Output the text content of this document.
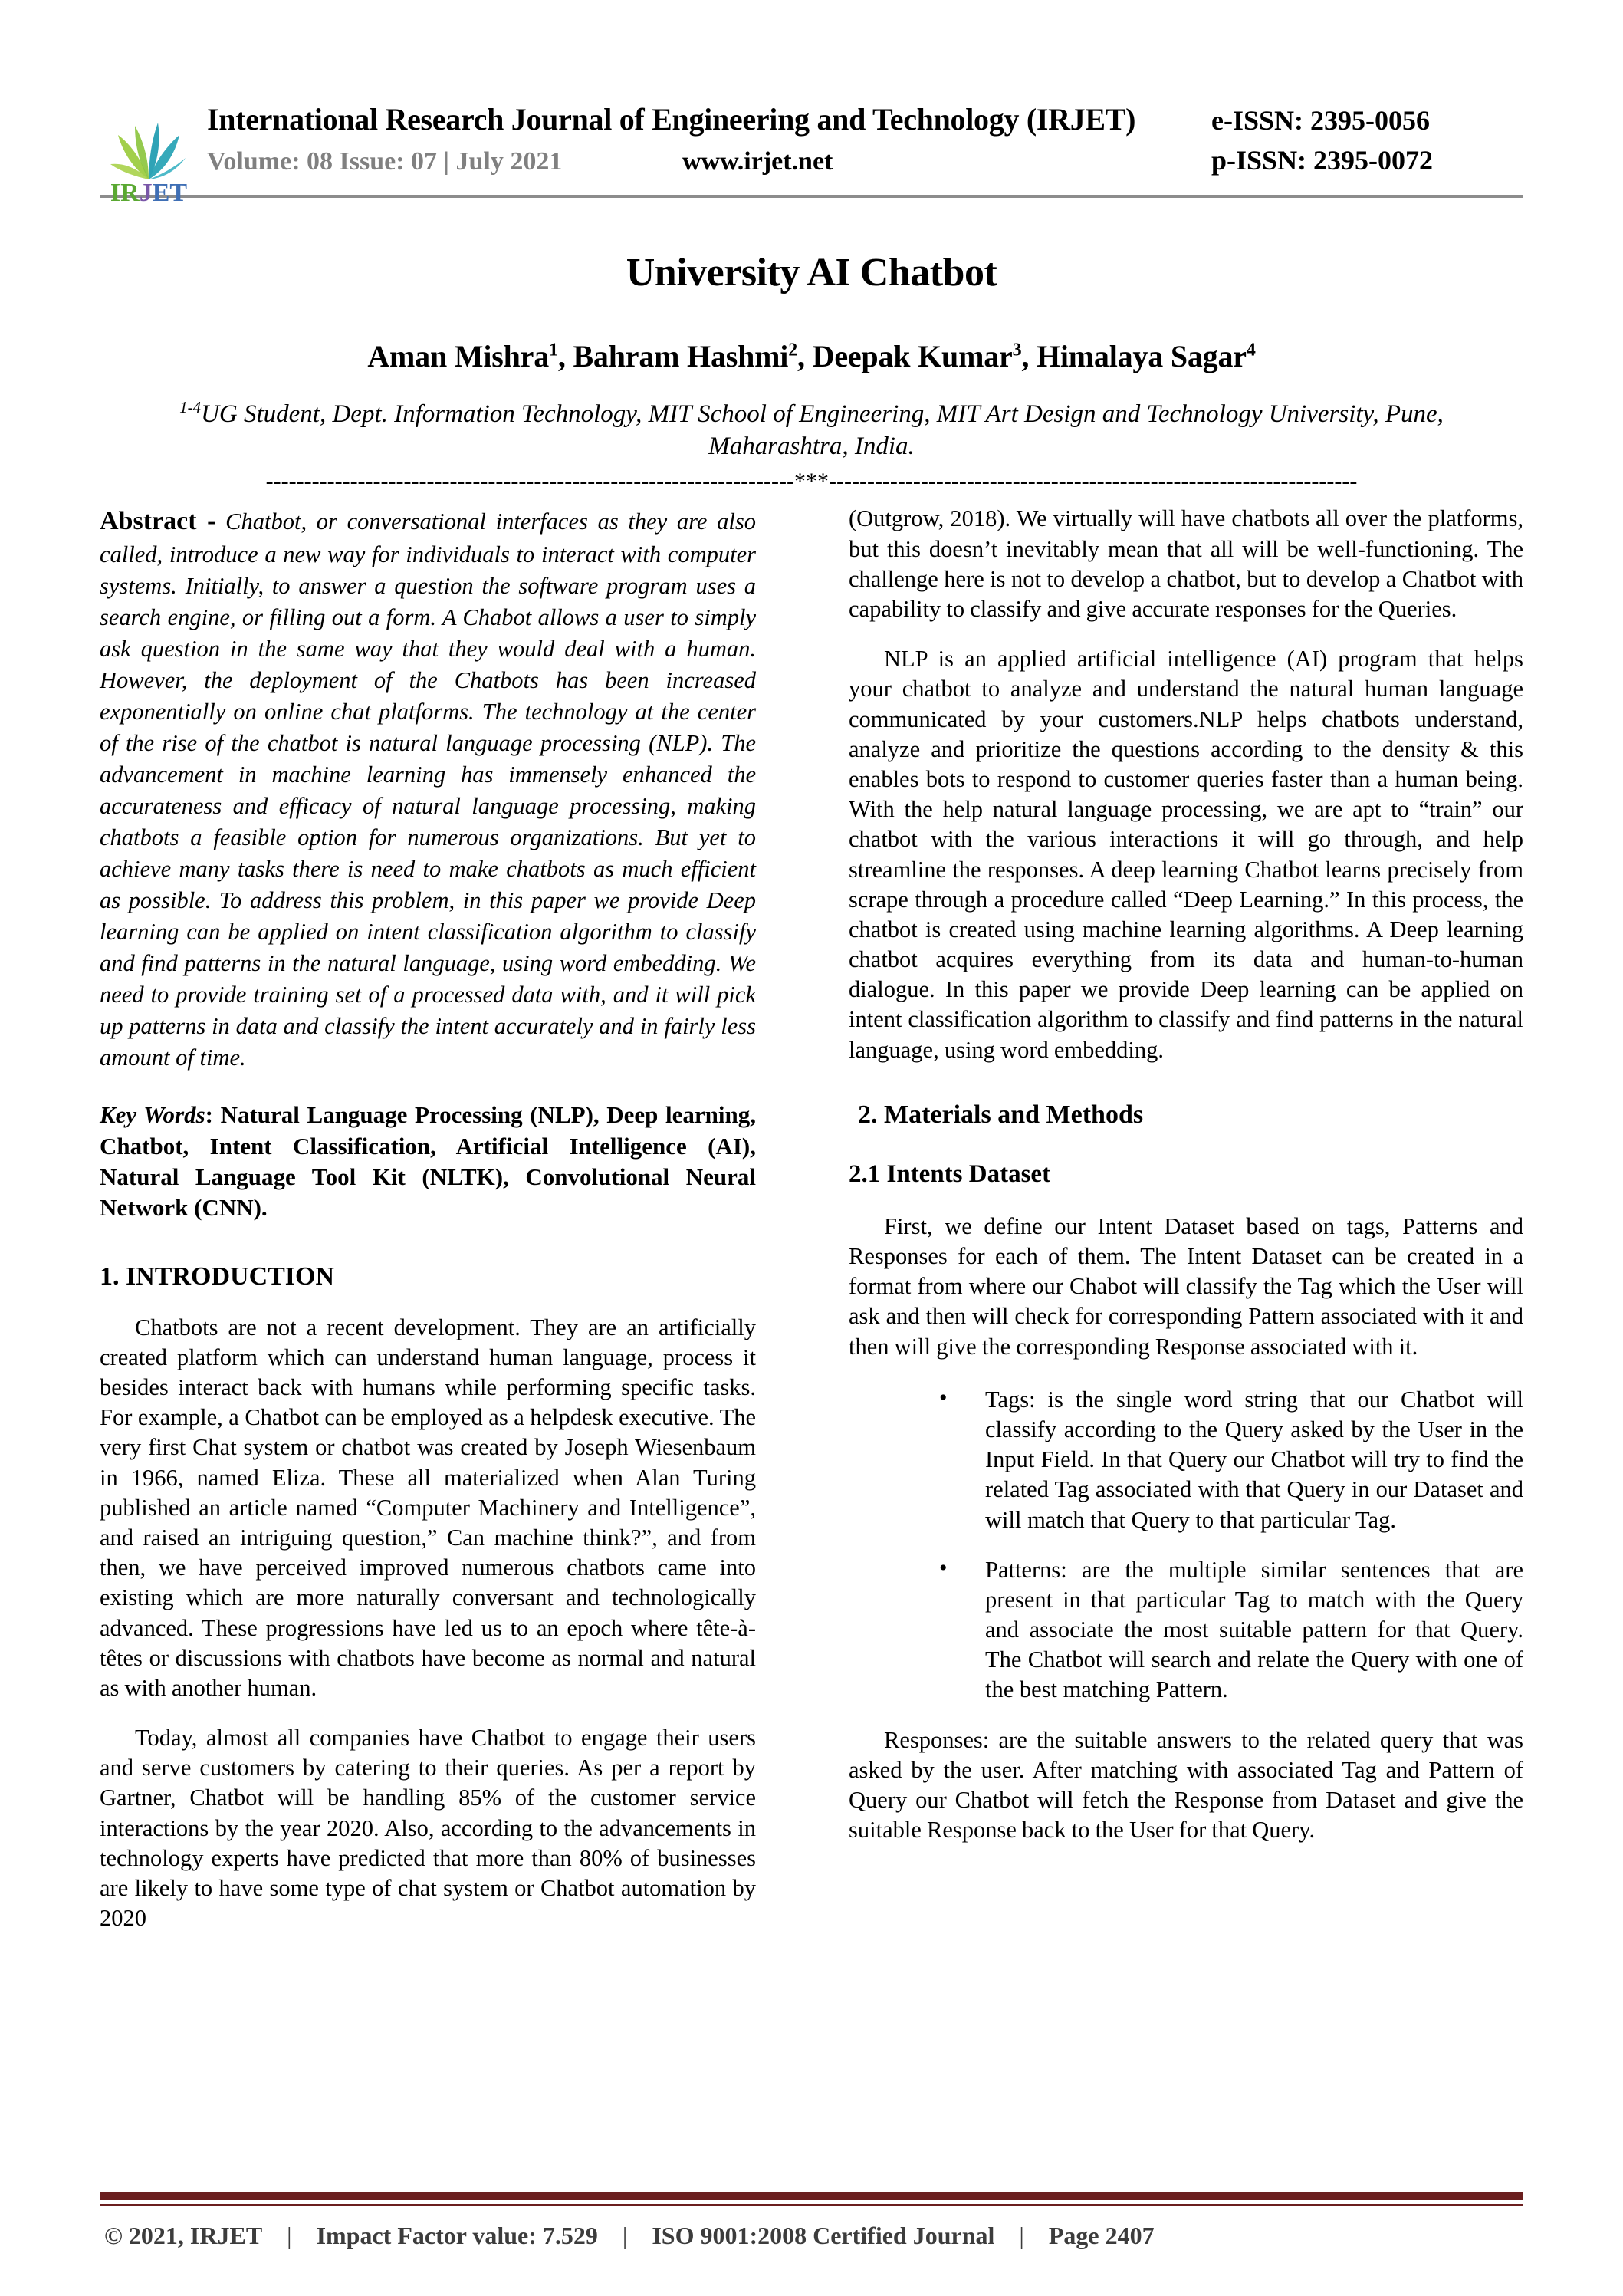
IRJET
International Research Journal of Engineering and Technology (IRJET)	e-ISSN: 2395-0056
Volume: 08 Issue: 07 | July 2021	www.irjet.net	p-ISSN: 2395-0072
University AI Chatbot
Aman Mishra$^1$, Bahram Hashmi$^2$, Deepak Kumar$^3$, Himalaya Sagar$^4$
$^{1-4}$UG Student, Dept. Information Technology, MIT School of Engineering, MIT Art Design and Technology University, Pune, Maharashtra, India.
---------------------------------------------------------------------***---------------------------------------------------------------------

Abstract - Chatbot, or conversational interfaces as they are also called, introduce a new way for individuals to interact with computer systems. Initially, to answer a question the software program uses a search engine, or filling out a form. A Chabot allows a user to simply ask question in the same way that they would deal with a human. However, the deployment of the Chatbots has been increased exponentially on online chat platforms. The technology at the center of the rise of the chatbot is natural language processing (NLP). The advancement in machine learning has immensely enhanced the accurateness and efficacy of natural language processing, making chatbots a feasible option for numerous organizations. But yet to achieve many tasks there is need to make chatbots as much efficient as possible. To address this problem, in this paper we provide Deep learning can be applied on intent classification algorithm to classify and find patterns in the natural language, using word embedding. We need to provide training set of a processed data with, and it will pick up patterns in data and classify the intent accurately and in fairly less amount of time.

Key Words: Natural Language Processing (NLP), Deep learning, Chatbot, Intent Classification, Artificial Intelligence (AI), Natural Language Tool Kit (NLTK), Convolutional Neural Network (CNN).

1. INTRODUCTION

Chatbots are not a recent development. They are an artificially created platform which can understand human language, process it besides interact back with humans while performing specific tasks. For example, a Chatbot can be employed as a helpdesk executive. The very first Chat system or chatbot was created by Joseph Wiesenbaum in 1966, named Eliza. These all materialized when Alan Turing published an article named “Computer Machinery and Intelligence”, and raised an intriguing question,” Can machine think?”, and from then, we have perceived improved numerous chatbots came into existing which are more naturally conversant and technologically advanced. These progressions have led us to an epoch where tête-à-têtes or discussions with chatbots have become as normal and natural as with another human.

Today, almost all companies have Chatbot to engage their users and serve customers by catering to their queries. As per a report by Gartner, Chatbot will be handling 85% of the customer service interactions by the year 2020. Also, according to the advancements in technology experts have predicted that more than 80% of businesses are likely to have some type of chat system or Chatbot automation by 2020

(Outgrow, 2018). We virtually will have chatbots all over the platforms, but this doesn’t inevitably mean that all will be well-functioning. The challenge here is not to develop a chatbot, but to develop a Chatbot with capability to classify and give accurate responses for the Queries.

NLP is an applied artificial intelligence (AI) program that helps your chatbot to analyze and understand the natural human language communicated by your customers.NLP helps chatbots understand, analyze and prioritize the questions according to the density & this enables bots to respond to customer queries faster than a human being. With the help natural language processing, we are apt to “train” our chatbot with the various interactions it will go through, and help streamline the responses. A deep learning Chatbot learns precisely from scrape through a procedure called “Deep Learning.” In this process, the chatbot is created using machine learning algorithms. A Deep learning chatbot acquires everything from its data and human-to-human dialogue. In this paper we provide Deep learning can be applied on intent classification algorithm to classify and find patterns in the natural language, using word embedding.

2. Materials and Methods
2.1 Intents Dataset

First, we define our Intent Dataset based on tags, Patterns and Responses for each of them. The Intent Dataset can be created in a format from where our Chabot will classify the Tag which the User will ask and then will check for corresponding Pattern associated with it and then will give the corresponding Response associated with it.

• Tags: is the single word string that our Chatbot will classify according to the Query asked by the User in the Input Field. In that Query our Chatbot will try to find the related Tag associated with that Query in our Dataset and will match that Query to that particular Tag.
• Patterns: are the multiple similar sentences that are present in that particular Tag to match with the Query and associate the most suitable pattern for that Query. The Chatbot will search and relate the Query with one of the best matching Pattern.

Responses: are the suitable answers to the related query that was asked by the user. After matching with associated Tag and Pattern of Query our Chatbot will fetch the Response from Dataset and give the suitable Response back to the User for that Query.

© 2021, IRJET	|	Impact Factor value: 7.529	|	ISO 9001:2008 Certified Journal	|	Page 2407
